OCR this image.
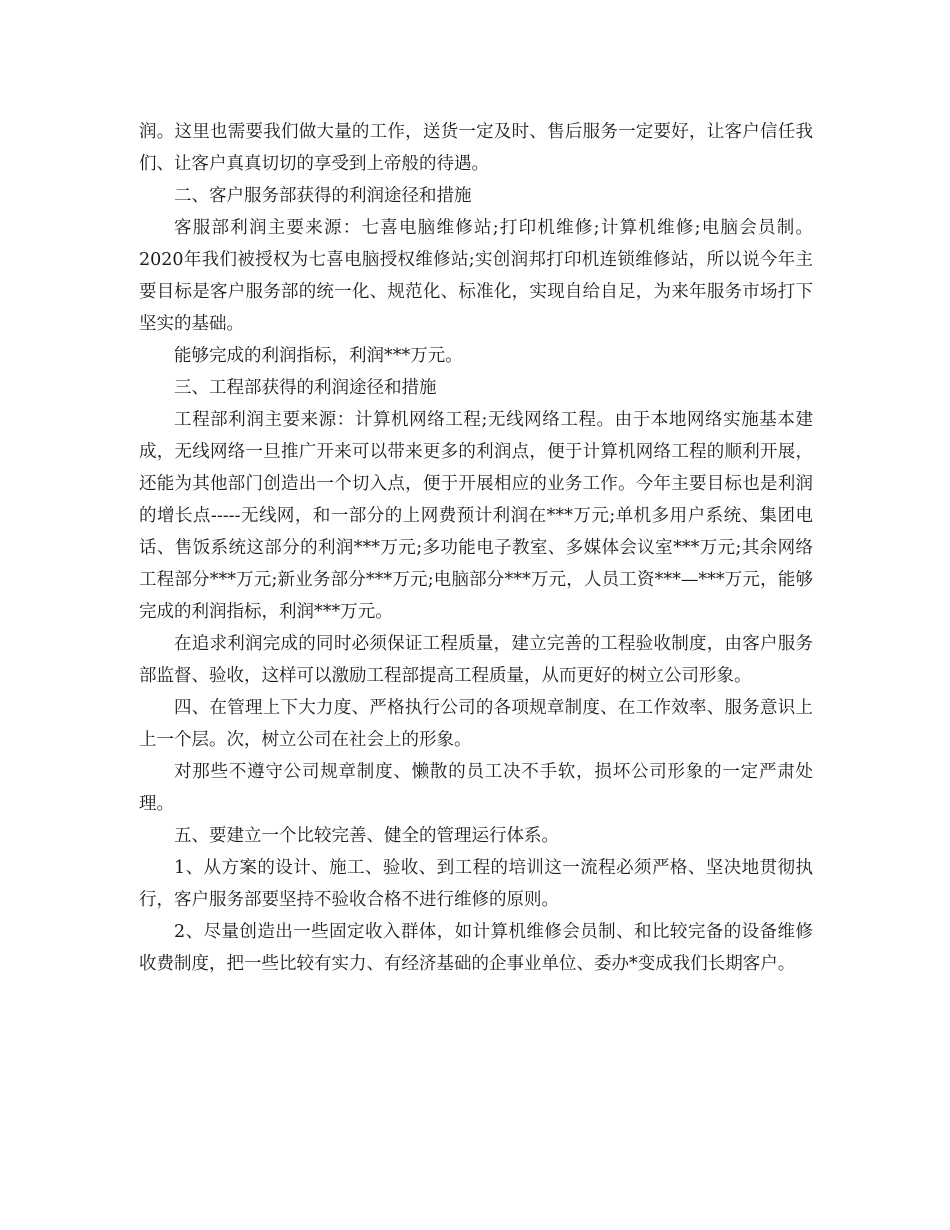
润。这里也需要我们做大量的工作，送货一定及时、售后服务一定要好，让客户信任我们、让客户真真切切的享受到上帝般的待遇。

二、客户服务部获得的利润途径和措施

客服部利润主要来源：七喜电脑维修站;打印机维修;计算机维修;电脑会员制。2020年我们被授权为七喜电脑授权维修站;实创润邦打印机连锁维修站，所以说今年主要目标是客户服务部的统一化、规范化、标准化，实现自给自足，为来年服务市场打下坚实的基础。

能够完成的利润指标，利润***万元。

三、工程部获得的利润途径和措施

工程部利润主要来源：计算机网络工程;无线网络工程。由于本地网络实施基本建成，无线网络一旦推广开来可以带来更多的利润点，便于计算机网络工程的顺利开展，还能为其他部门创造出一个切入点，便于开展相应的业务工作。今年主要目标也是利润的增长点-----无线网，和一部分的上网费预计利润在***万元;单机多用户系统、集团电话、售饭系统这部分的利润***万元;多功能电子教室、多媒体会议室***万元;其余网络工程部分***万元;新业务部分***万元;电脑部分***万元，人员工资***—***万元，能够完成的利润指标，利润***万元。

在追求利润完成的同时必须保证工程质量，建立完善的工程验收制度，由客户服务部监督、验收，这样可以激励工程部提高工程质量，从而更好的树立公司形象。

四、在管理上下大力度、严格执行公司的各项规章制度、在工作效率、服务意识上上一个层。次，树立公司在社会上的形象。

对那些不遵守公司规章制度、懒散的员工决不手软，损坏公司形象的一定严肃处理。

五、要建立一个比较完善、健全的管理运行体系。

1、从方案的设计、施工、验收、到工程的培训这一流程必须严格、坚决地贯彻执行，客户服务部要坚持不验收合格不进行维修的原则。

2、尽量创造出一些固定收入群体，如计算机维修会员制、和比较完备的设备维修收费制度，把一些比较有实力、有经济基础的企事业单位、委办*变成我们长期客户。
